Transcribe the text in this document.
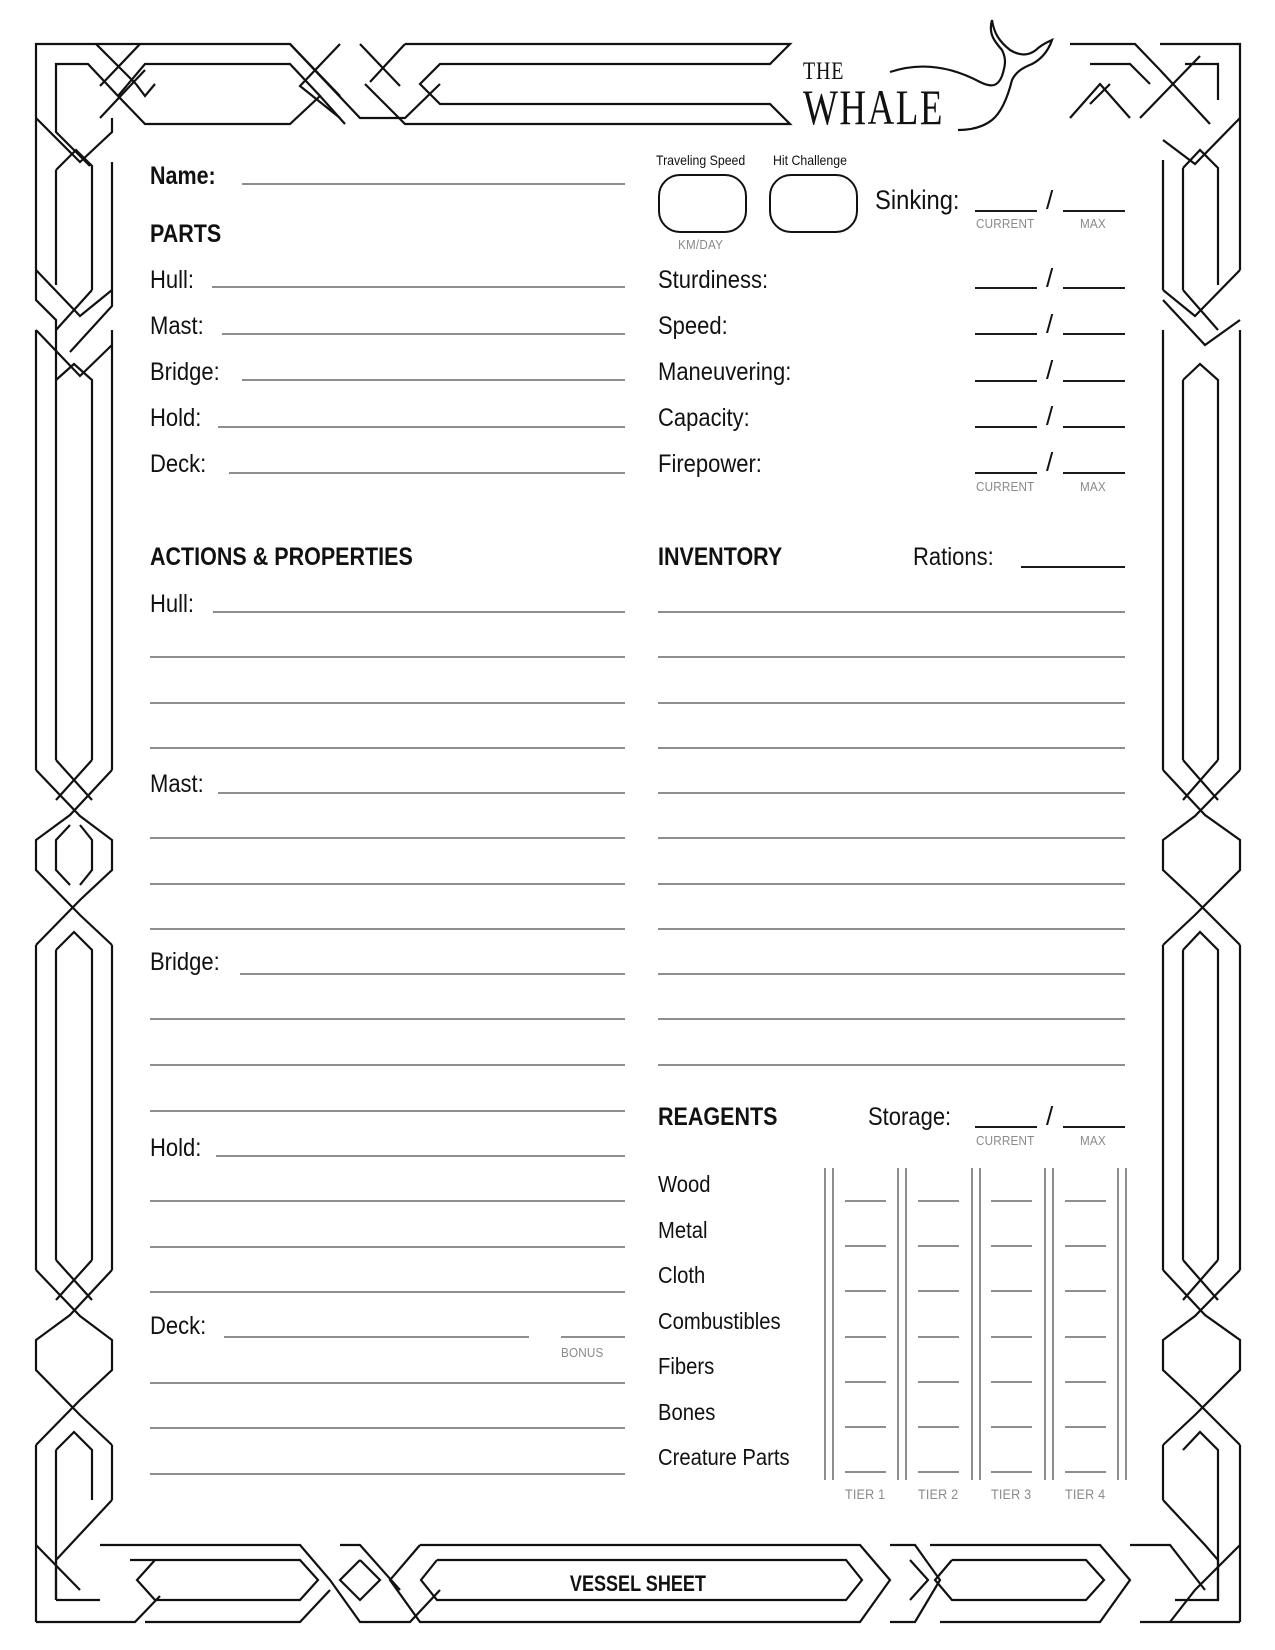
THE
WHALE
Name:
PARTS
Hull:
Mast:
Bridge:
Hold:
Deck:
Traveling Speed
KM/DAY
Hit Challenge
Sinking:	/
CURRENT	MAX
Sturdiness:	/
Speed:	/
Maneuvering:	/
Capacity:	/
Firepower:	/
CURRENT	MAX
ACTIONS & PROPERTIES
Hull:
Mast:
Bridge:
Hold:
Deck:
BONUS
INVENTORY	Rations:
REAGENTS	Storage:	/
CURRENT	MAX
Wood
Metal
Cloth
Combustibles
Fibers
Bones
Creature Parts
TIER 1 TIER 2 TIER 3 TIER 4
VESSEL SHEET
